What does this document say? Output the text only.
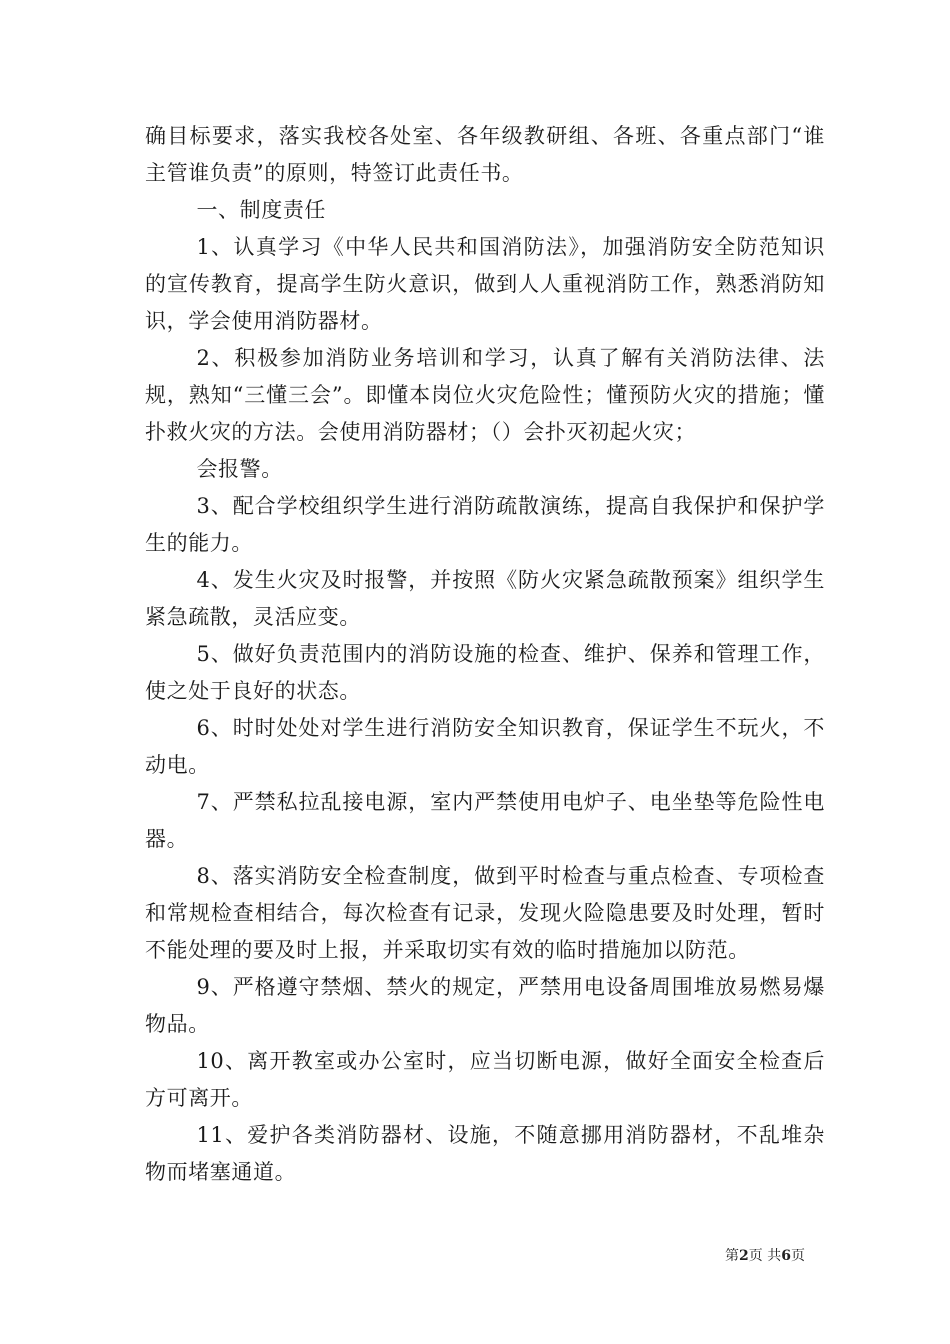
确目标要求，落实我校各处室、各年级教研组、各班、各重点部门“谁主管谁负责”的原则，特签订此责任书。

一、制度责任

1、认真学习《中华人民共和国消防法》，加强消防安全防范知识的宣传教育，提高学生防火意识，做到人人重视消防工作，熟悉消防知识，学会使用消防器材。

2、积极参加消防业务培训和学习，认真了解有关消防法律、法规，熟知“三懂三会”。即懂本岗位火灾危险性；懂预防火灾的措施；懂扑救火灾的方法。会使用消防器材；（）会扑灭初起火灾；

会报警。

3、配合学校组织学生进行消防疏散演练，提高自我保护和保护学生的能力。

4、发生火灾及时报警，并按照《防火灾紧急疏散预案》组织学生紧急疏散，灵活应变。

5、做好负责范围内的消防设施的检查、维护、保养和管理工作，使之处于良好的状态。

6、时时处处对学生进行消防安全知识教育，保证学生不玩火，不动电。

7、严禁私拉乱接电源，室内严禁使用电炉子、电坐垫等危险性电器。

8、落实消防安全检查制度，做到平时检查与重点检查、专项检查和常规检查相结合，每次检查有记录，发现火险隐患要及时处理，暂时不能处理的要及时上报，并采取切实有效的临时措施加以防范。

9、严格遵守禁烟、禁火的规定，严禁用电设备周围堆放易燃易爆物品。

10、离开教室或办公室时，应当切断电源，做好全面安全检查后方可离开。

11、爱护各类消防器材、设施，不随意挪用消防器材，不乱堆杂物而堵塞通道。

第2页 共6页
